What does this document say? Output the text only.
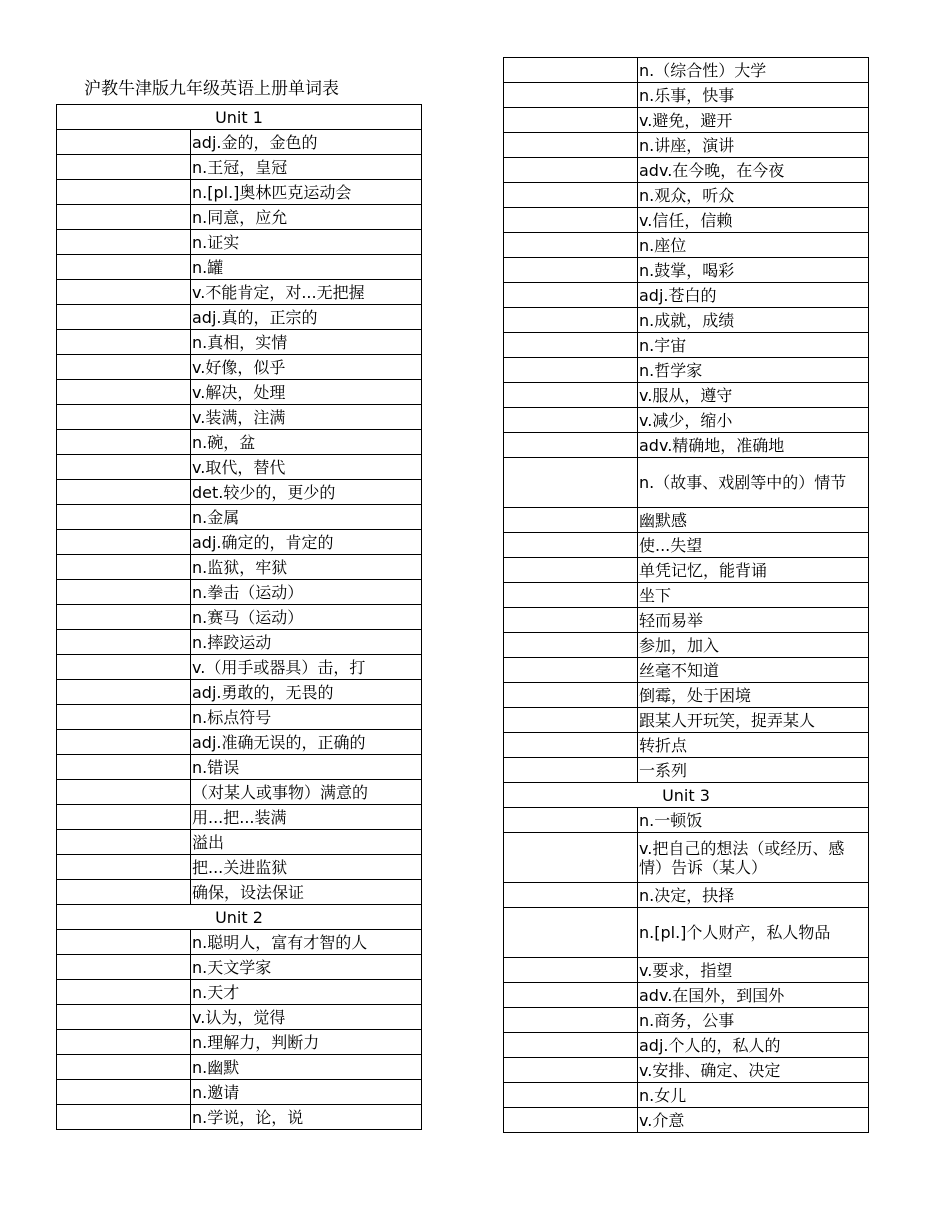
沪教牛津版九年级英语上册单词表
Unit 1	
	adj.金的，金色的
	n.王冠，皇冠
	n.[pl.]奥林匹克运动会
	n.同意，应允
	n.证实
	n.罐
	v.不能肯定，对...无把握
	adj.真的，正宗的
	n.真相，实情
	v.好像，似乎
	v.解决，处理
	v.装满，注满
	n.碗，盆
	v.取代，替代
	det.较少的，更少的
	n.金属
	adj.确定的，肯定的
	n.监狱，牢狱
	n.拳击（运动）
	n.赛马（运动）
	n.摔跤运动
	v.（用手或器具）击，打
	adj.勇敢的，无畏的
	n.标点符号
	adj.准确无误的，正确的
	n.错误
	（对某人或事物）满意的
	用...把...装满
	溢出
	把...关进监狱
	确保，设法保证
Unit 2	
	n.聪明人，富有才智的人
	n.天文学家
	n.天才
	v.认为，觉得
	n.理解力，判断力
	n.幽默
	n.邀请
	n.学说，论，说
	n.（综合性）大学
	n.乐事，快事
	v.避免，避开
	n.讲座，演讲
	adv.在今晚，在今夜
	n.观众，听众
	v.信任，信赖
	n.座位
	n.鼓掌，喝彩
	adj.苍白的
	n.成就，成绩
	n.宇宙
	n.哲学家
	v.服从，遵守
	v.减少，缩小
	adv.精确地，准确地
	n.（故事、戏剧等中的）情节
	幽默感
	使...失望
	单凭记忆，能背诵
	坐下
	轻而易举
	参加，加入
	丝毫不知道
	倒霉，处于困境
	跟某人开玩笑，捉弄某人
	转折点
	一系列
Unit 3	
	n.一顿饭
	v.把自己的想法（或经历、感情）告诉（某人）
	n.决定，抉择
	n.[pl.]个人财产，私人物品
	v.要求，指望
	adv.在国外，到国外
	n.商务，公事
	adj.个人的，私人的
	v.安排、确定、决定
	n.女儿
	v.介意
